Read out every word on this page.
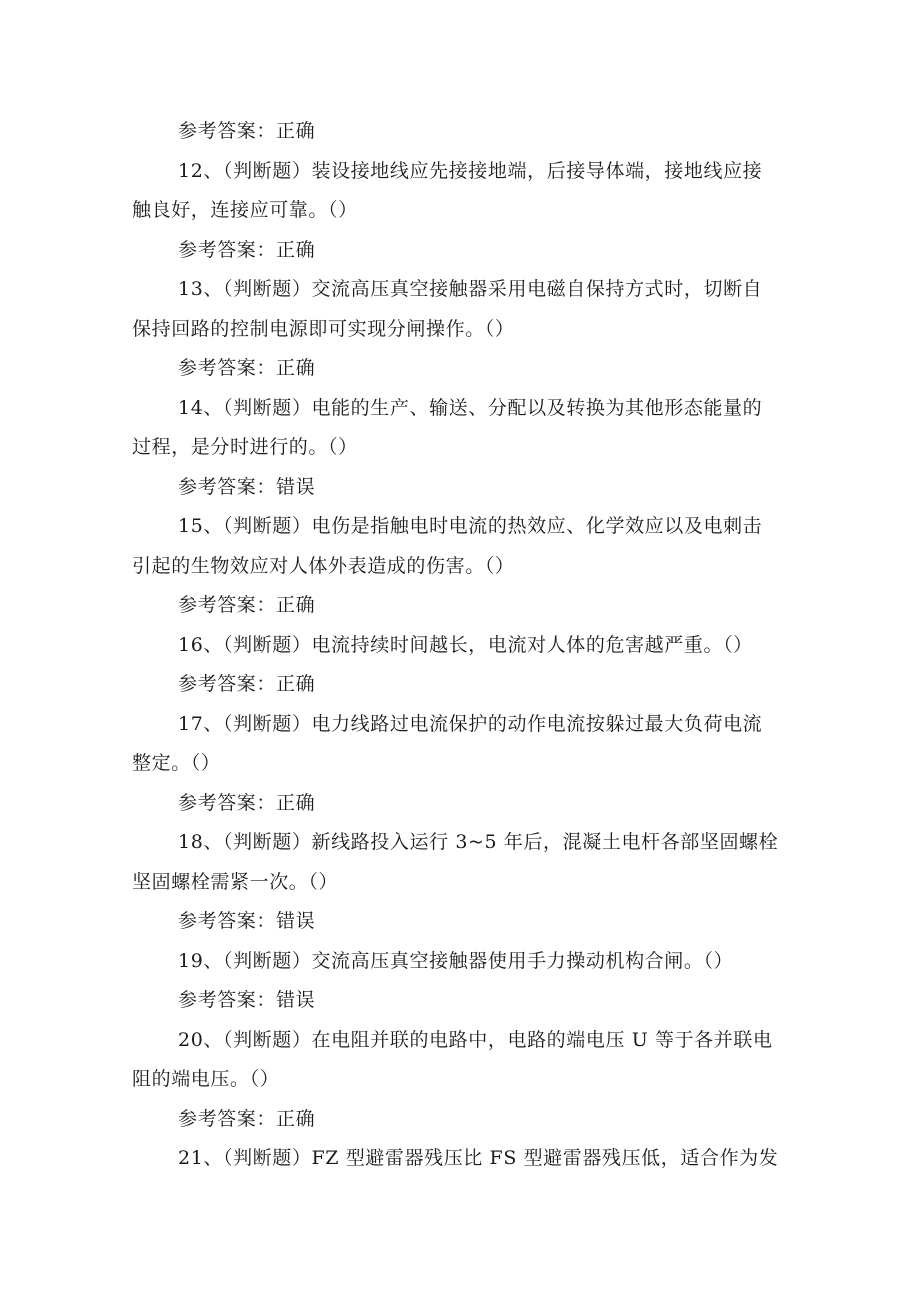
参考答案：正确
12、（判断题）装设接地线应先接接地端，后接导体端，接地线应接
触良好，连接应可靠。（）
参考答案：正确
13、（判断题）交流高压真空接触器采用电磁自保持方式时，切断自
保持回路的控制电源即可实现分闸操作。（）
参考答案：正确
14、（判断题）电能的生产、输送、分配以及转换为其他形态能量的
过程，是分时进行的。（）
参考答案：错误
15、（判断题）电伤是指触电时电流的热效应、化学效应以及电刺击
引起的生物效应对人体外表造成的伤害。（）
参考答案：正确
16、（判断题）电流持续时间越长，电流对人体的危害越严重。（）
参考答案：正确
17、（判断题）电力线路过电流保护的动作电流按躲过最大负荷电流
整定。（）
参考答案：正确
18、（判断题）新线路投入运行 3~5 年后，混凝土电杆各部坚固螺栓
坚固螺栓需紧一次。（）
参考答案：错误
19、（判断题）交流高压真空接触器使用手力操动机构合闸。（）
参考答案：错误
20、（判断题）在电阻并联的电路中，电路的端电压 U 等于各并联电
阻的端电压。（）
参考答案：正确
21、（判断题）FZ 型避雷器残压比 FS 型避雷器残压低，适合作为发
